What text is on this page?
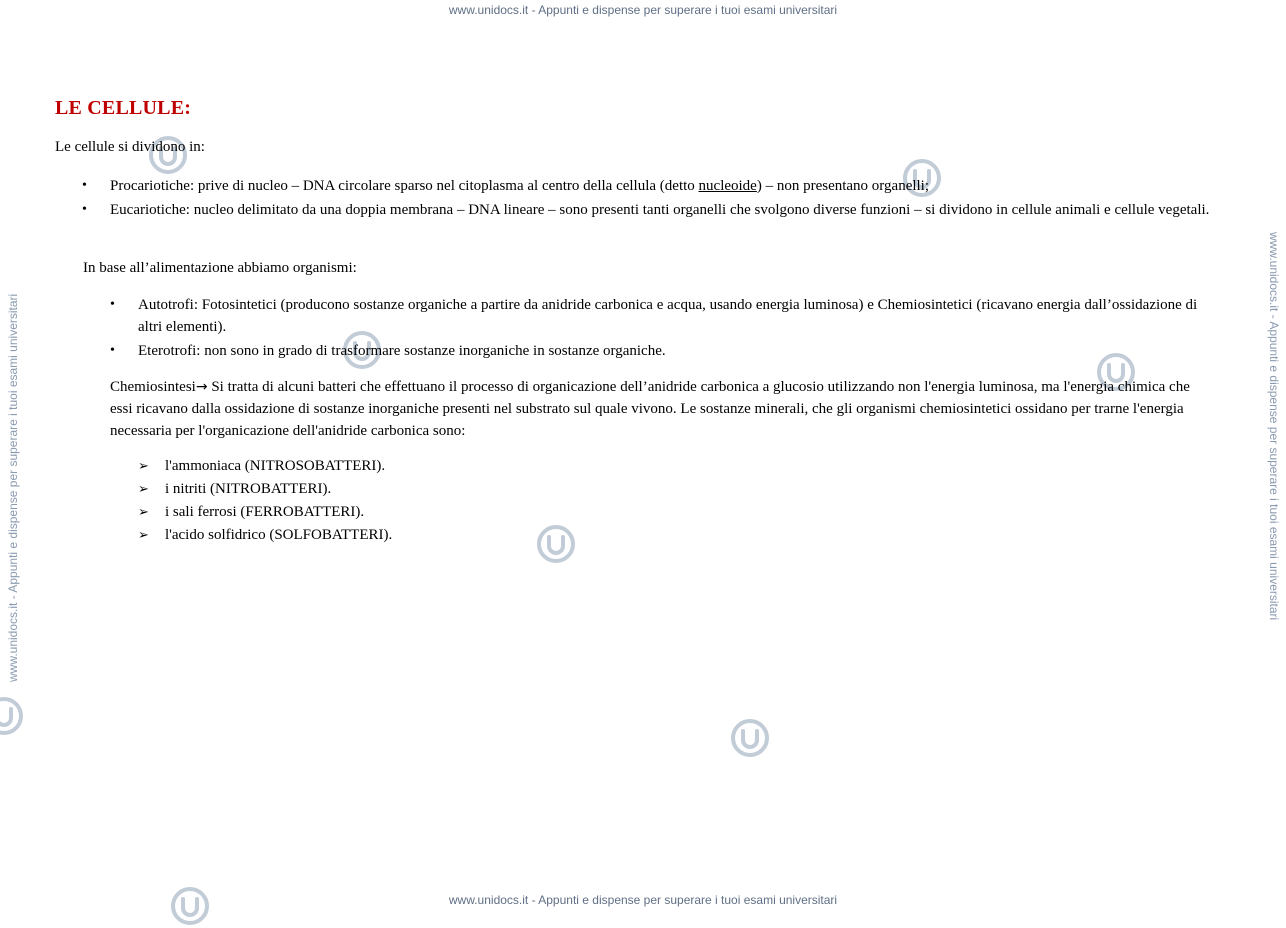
www.unidocs.it - Appunti e dispense per superare i tuoi esami universitari
www.unidocs.it - Appunti e dispense per superare i tuoi esami universitari
www.unidocs.it - Appunti e dispense per superare i tuoi esami universitari	www.unidocs.it - Appunti e dispense per superare i tuoi esami universitari
LE CELLULE:

Le cellule si dividono in:

• Procariotiche: prive di nucleo – DNA circolare sparso nel citoplasma al centro della cellula (detto nucleoide) – non presentano organelli;
• Eucariotiche: nucleo delimitato da una doppia membrana – DNA lineare – sono presenti tanti organelli che svolgono diverse funzioni – si dividono in cellule animali e cellule vegetali.

In base all’alimentazione abbiamo organismi:

• Autotrofi: Fotosintetici (producono sostanze organiche a partire da anidride carbonica e acqua, usando energia luminosa) e Chemiosintetici (ricavano energia dall’ossidazione di altri elementi).
• Eterotrofi: non sono in grado di trasformare sostanze inorganiche in sostanze organiche.

Chemiosintesi→ Si tratta di alcuni batteri che effettuano il processo di organicazione dell’anidride carbonica a glucosio utilizzando non l'energia luminosa, ma l'energia chimica che essi ricavano dalla ossidazione di sostanze inorganiche presenti nel substrato sul quale vivono. Le sostanze minerali, che gli organismi chemiosintetici ossidano per trarne l'energia necessaria per l'organicazione dell'anidride carbonica sono:

➢ l'ammoniaca (NITROSOBATTERI).
➢ i nitriti (NITROBATTERI).
➢ i sali ferrosi (FERROBATTERI).
➢ l'acido solfidrico (SOLFOBATTERI).
